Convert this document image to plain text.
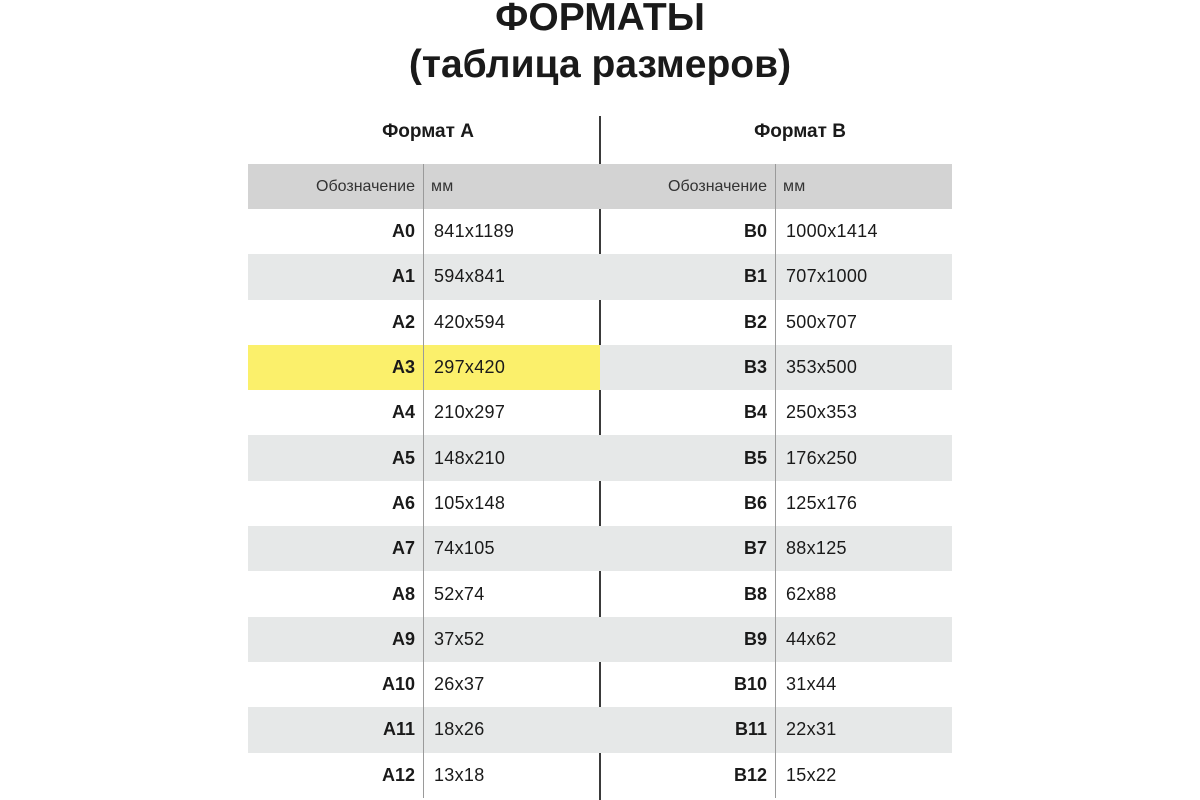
ФОРМАТЫ
(таблица размеров)
Формат А
Обозначение	мм
A0	841x1189
A1	594x841
A2	420x594
A3	297x420
A4	210x297
A5	148x210
A6	105x148
A7	74x105
A8	52x74
A9	37x52
A10	26x37
A11	18x26
A12	13x18
Формат В
Обозначение	мм
B0	1000x1414
B1	707x1000
B2	500x707
B3	353x500
B4	250x353
B5	176x250
B6	125x176
B7	88x125
B8	62x88
B9	44x62
B10	31x44
B11	22x31
B12	15x22
